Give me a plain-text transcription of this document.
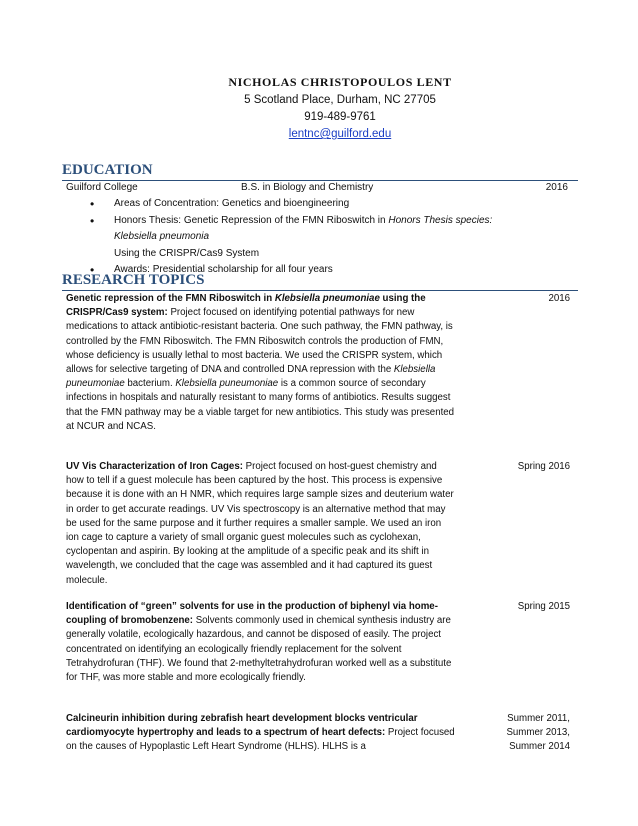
NICHOLAS CHRISTOPOULOS LENT
5 Scotland Place, Durham, NC 27705
919-489-9761
lentnc@guilford.edu
EDUCATION
Guilford College	B.S. in Biology and Chemistry	2016
• Areas of Concentration: Genetics and bioengineering
• Honors Thesis: Genetic Repression of the FMN Riboswitch in Honors Thesis species: Klebsiella pneumonia
Using the CRISPR/Cas9 System
• Awards: Presidential scholarship for all four years
RESEARCH TOPICS
2016
Genetic repression of the FMN Riboswitch in Klebsiella pneumoniae using the CRISPR/Cas9 system: Project focused on identifying potential pathways for new medications to attack antibiotic-resistant bacteria. One such pathway, the FMN pathway, is controlled by the FMN Riboswitch. The FMN Riboswitch controls the production of FMN, whose deficiency is usually lethal to most bacteria. We used the CRISPR system, which allows for selective targeting of DNA and controlled DNA repression with the Klebsiella puneumoniae bacterium. Klebsiella puneumoniae is a common source of secondary infections in hospitals and naturally resistant to many forms of antibiotics. Results suggest that the FMN pathway may be a viable target for new antibiotics. This study was presented at NCUR and NCAS.
Spring 2016
UV Vis Characterization of Iron Cages: Project focused on host-guest chemistry and how to tell if a guest molecule has been captured by the host. This process is expensive because it is done with an H NMR, which requires large sample sizes and deuterium water in order to get accurate readings. UV Vis spectroscopy is an alternative method that may be used for the same purpose and it further requires a smaller sample. We used an iron ion cage to capture a variety of small organic guest molecules such as cyclohexan, cyclopentan and aspirin. By looking at the amplitude of a specific peak and its shift in wavelength, we concluded that the cage was assembled and it had captured its guest molecule.
Spring 2015
Identification of “green” solvents for use in the production of biphenyl via home-coupling of bromobenzene: Solvents commonly used in chemical synthesis industry are generally volatile, ecologically hazardous, and cannot be disposed of easily. The project concentrated on identifying an ecologically friendly replacement for the solvent Tetrahydrofuran (THF). We found that 2-methyltetrahydrofuran worked well as a substitute for THF, was more stable and more ecologically friendly.
Summer 2011,
Summer 2013,
Summer 2014
Calcineurin inhibition during zebrafish heart development blocks ventricular cardiomyocyte hypertrophy and leads to a spectrum of heart defects: Project focused on the causes of Hypoplastic Left Heart Syndrome (HLHS). HLHS is a
